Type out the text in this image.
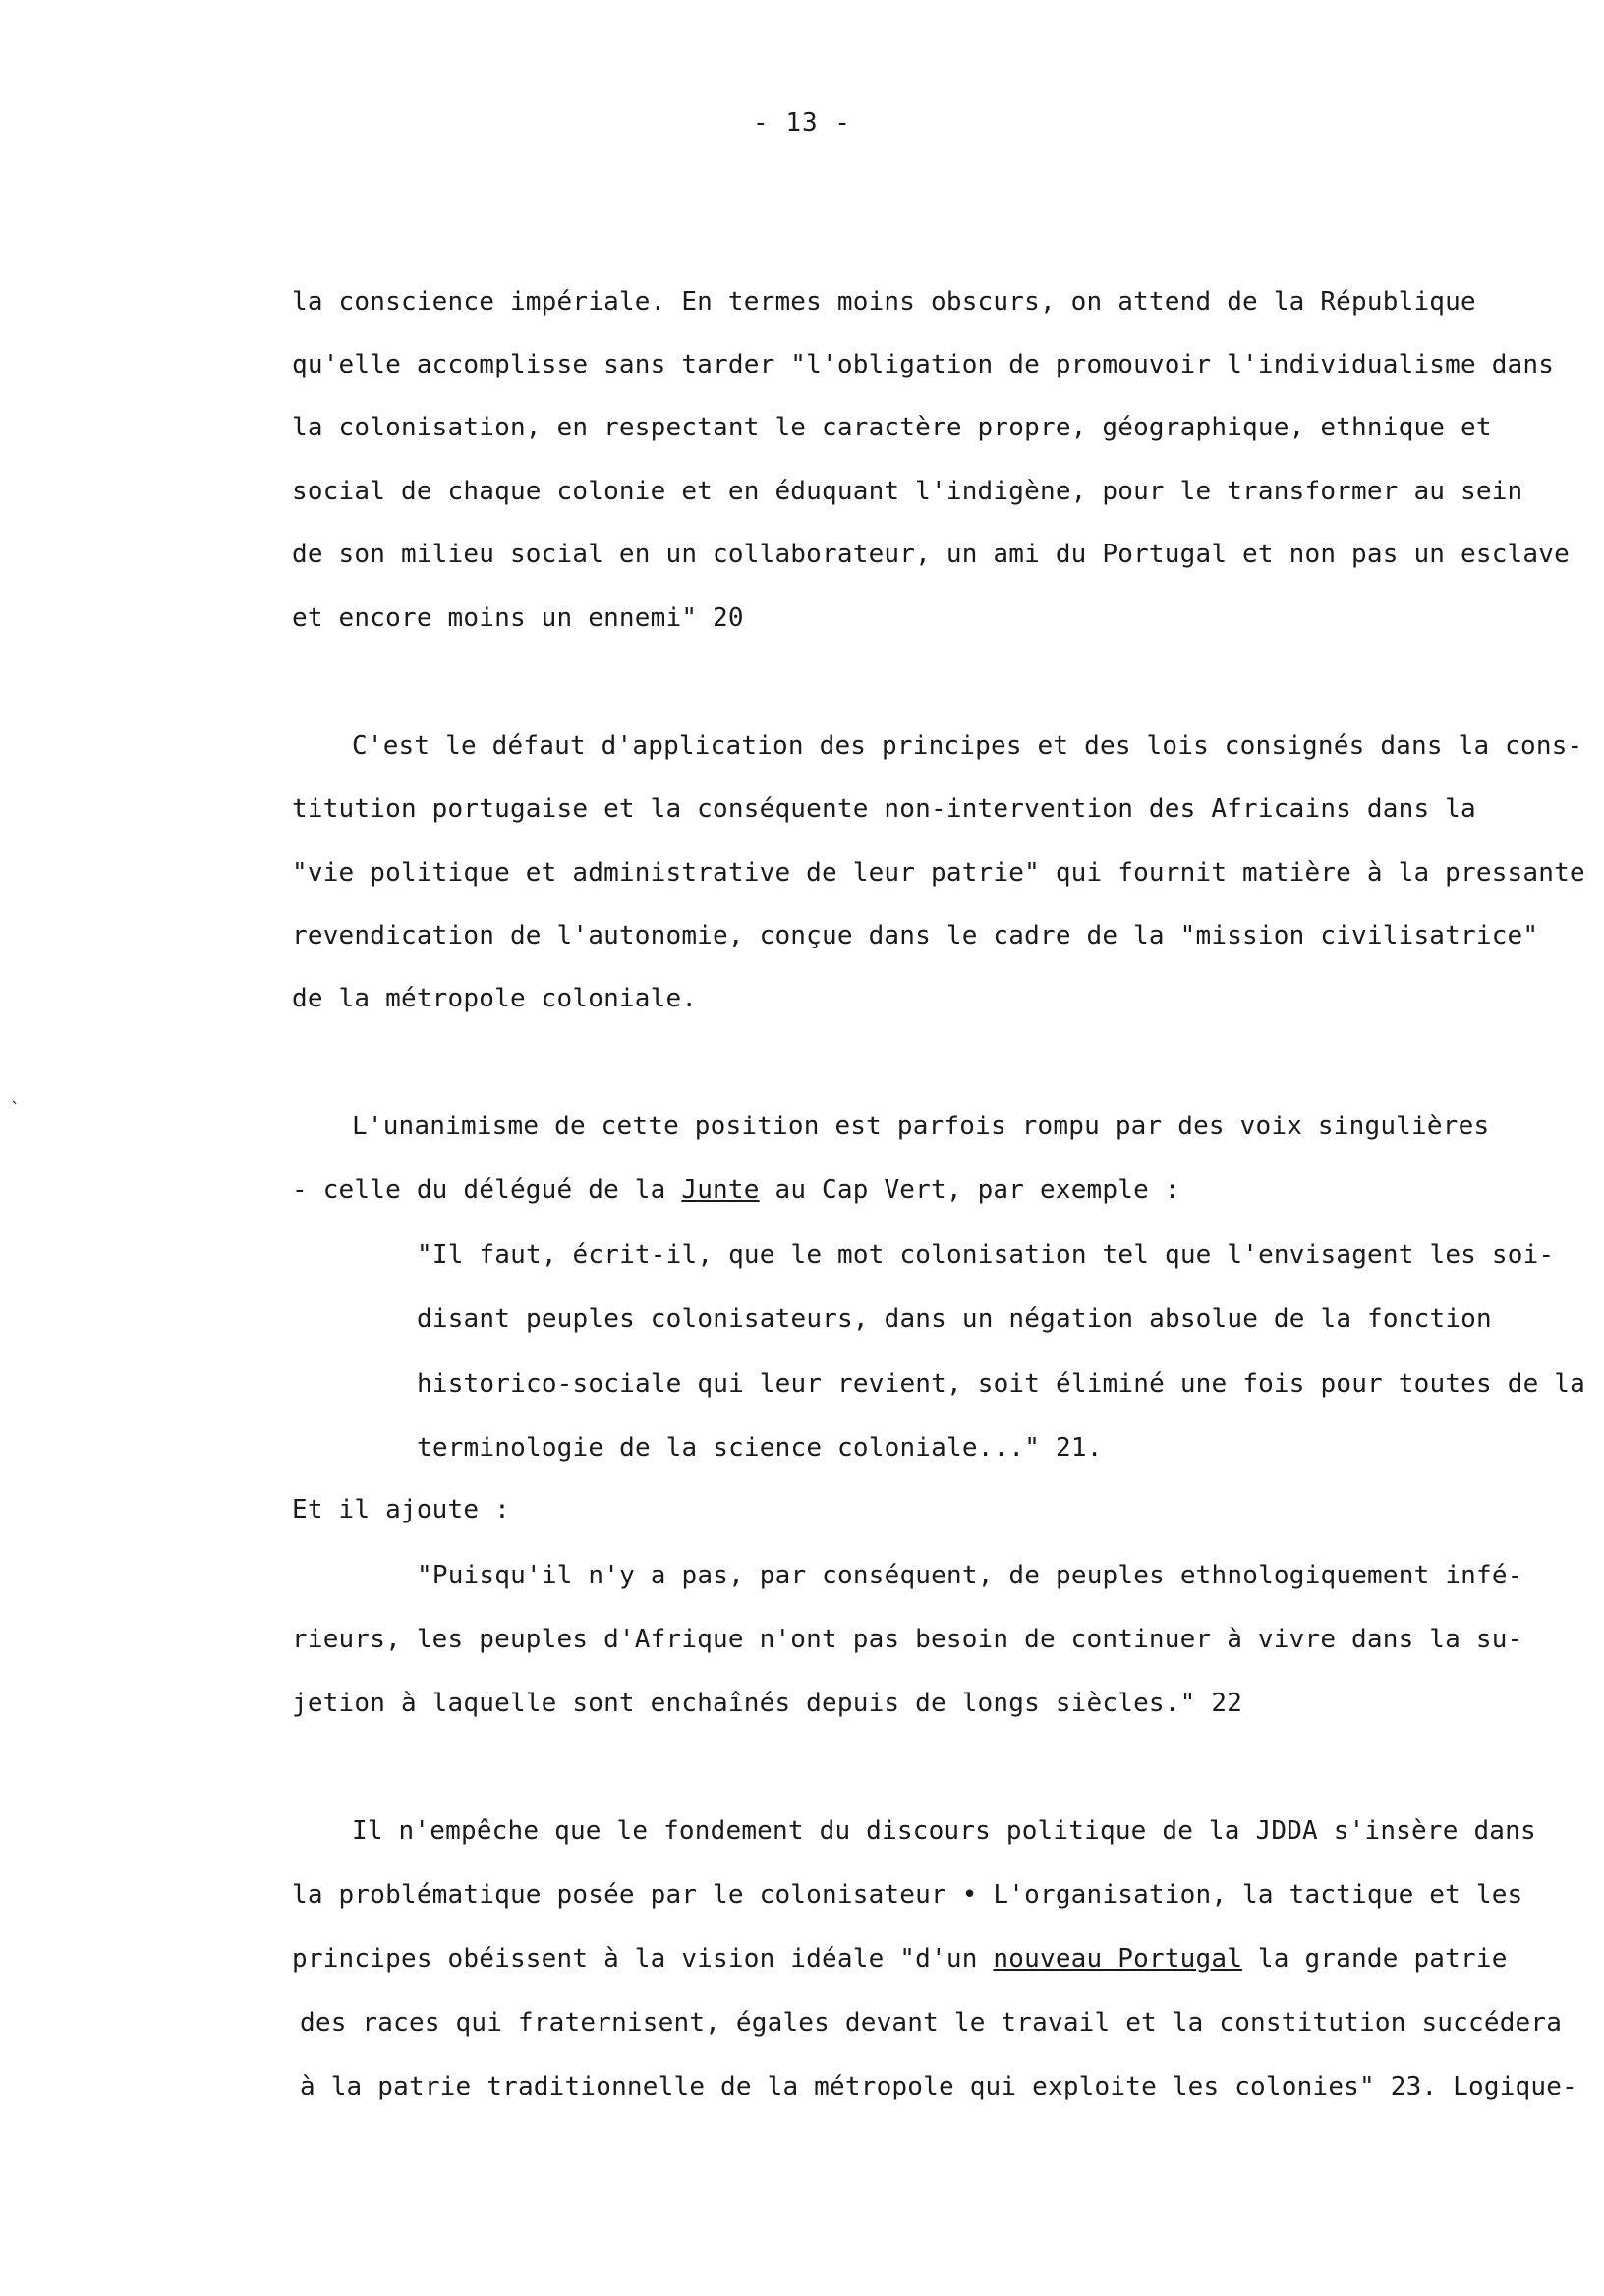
- 13 -
la conscience impériale. En termes moins obscurs, on attend de la République
qu'elle accomplisse sans tarder "l'obligation de promouvoir l'individualisme dans
la colonisation, en respectant le caractère propre, géographique, ethnique et
social de chaque colonie et en éduquant l'indigène, pour le transformer au sein
de son milieu social en un collaborateur, un ami du Portugal et non pas un esclave
et encore moins un ennemi" 20
C'est le défaut d'application des principes et des lois consignés dans la cons-
titution portugaise et la conséquente non-intervention des Africains dans la
"vie politique et administrative de leur patrie" qui fournit matière à la pressante
revendication de l'autonomie, conçue dans le cadre de la "mission civilisatrice"
de la métropole coloniale.
`
L'unanimisme de cette position est parfois rompu par des voix singulières
- celle du délégué de la Junte au Cap Vert, par exemple :
"Il faut, écrit-il, que le mot colonisation tel que l'envisagent les soi-
disant peuples colonisateurs, dans un négation absolue de la fonction
historico-sociale qui leur revient, soit éliminé une fois pour toutes de la
terminologie de la science coloniale..." 21.
Et il ajoute :
"Puisqu'il n'y a pas, par conséquent, de peuples ethnologiquement infé-
rieurs, les peuples d'Afrique n'ont pas besoin de continuer à vivre dans la su-
jetion à laquelle sont enchaînés depuis de longs siècles." 22
Il n'empêche que le fondement du discours politique de la JDDA s'insère dans
la problématique posée par le colonisateur • L'organisation, la tactique et les
principes obéissent à la vision idéale "d'un nouveau Portugal la grande patrie
des races qui fraternisent, égales devant le travail et la constitution succédera
à la patrie traditionnelle de la métropole qui exploite les colonies" 23. Logique-
